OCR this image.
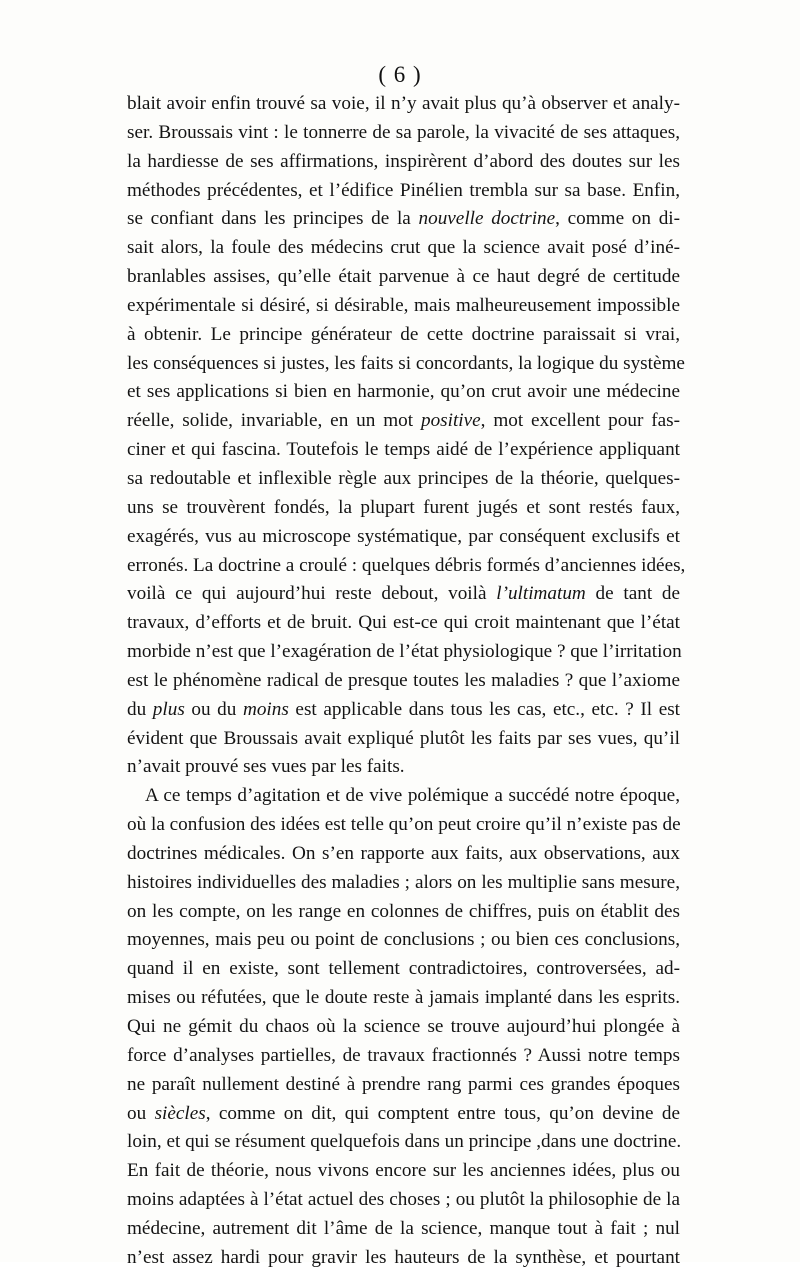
( 6 )
blait avoir enfin trouvé sa voie, il n’y avait plus qu’à observer et analy-
ser. Broussais vint : le tonnerre de sa parole, la vivacité de ses attaques,
la hardiesse de ses affirmations, inspirèrent d’abord des doutes sur les
méthodes précédentes, et l’édifice Pinélien trembla sur sa base. Enfin,
se confiant dans les principes de la nouvelle doctrine, comme on di-
sait alors, la foule des médecins crut que la science avait posé d’iné-
branlables assises, qu’elle était parvenue à ce haut degré de certitude
expérimentale si désiré, si désirable, mais malheureusement impossible
à obtenir. Le principe générateur de cette doctrine paraissait si vrai,
les conséquences si justes, les faits si concordants, la logique du système
et ses applications si bien en harmonie, qu’on crut avoir une médecine
réelle, solide, invariable, en un mot positive, mot excellent pour fas-
ciner et qui fascina. Toutefois le temps aidé de l’expérience appliquant
sa redoutable et inflexible règle aux principes de la théorie, quelques-
uns se trouvèrent fondés, la plupart furent jugés et sont restés faux,
exagérés, vus au microscope systématique, par conséquent exclusifs et
erronés. La doctrine a croulé : quelques débris formés d’anciennes idées,
voilà ce qui aujourd’hui reste debout, voilà l’ultimatum de tant de
travaux, d’efforts et de bruit. Qui est-ce qui croit maintenant que l’état
morbide n’est que l’exagération de l’état physiologique ? que l’irritation
est le phénomène radical de presque toutes les maladies ? que l’axiome
du plus ou du moins est applicable dans tous les cas, etc., etc. ? Il est
évident que Broussais avait expliqué plutôt les faits par ses vues, qu’il
n’avait prouvé ses vues par les faits.
A ce temps d’agitation et de vive polémique a succédé notre époque,
où la confusion des idées est telle qu’on peut croire qu’il n’existe pas de
doctrines médicales. On s’en rapporte aux faits, aux observations, aux
histoires individuelles des maladies ; alors on les multiplie sans mesure,
on les compte, on les range en colonnes de chiffres, puis on établit des
moyennes, mais peu ou point de conclusions ; ou bien ces conclusions,
quand il en existe, sont tellement contradictoires, controversées, ad-
mises ou réfutées, que le doute reste à jamais implanté dans les esprits.
Qui ne gémit du chaos où la science se trouve aujourd’hui plongée à
force d’analyses partielles, de travaux fractionnés ? Aussi notre temps
ne paraît nullement destiné à prendre rang parmi ces grandes époques
ou siècles, comme on dit, qui comptent entre tous, qu’on devine de
loin, et qui se résument quelquefois dans un principe ,dans une doctrine.
En fait de théorie, nous vivons encore sur les anciennes idées, plus ou
moins adaptées à l’état actuel des choses ; ou plutôt la philosophie de la
médecine, autrement dit l’âme de la science, manque tout à fait ; nul
n’est assez hardi pour gravir les hauteurs de la synthèse, et pourtant
